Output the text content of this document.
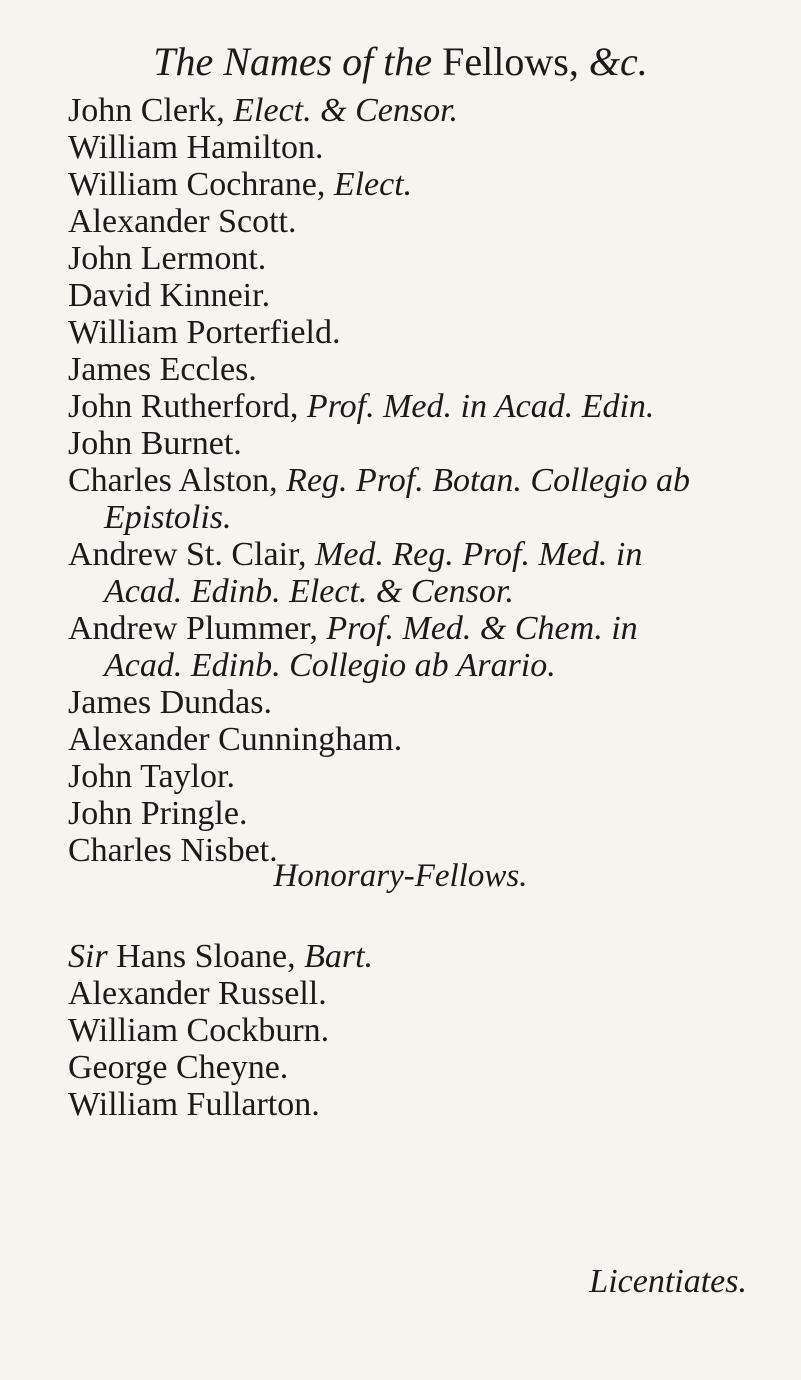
The Names of the Fellows, &c.
John Clerk, Elect. & Censor.
William Hamilton.
William Cochrane, Elect.
Alexander Scott.
John Lermont.
David Kinneir.
William Porterfield.
James Eccles.
John Rutherford, Prof. Med. in Acad. Edin.
John Burnet.
Charles Alston, Reg. Prof. Botan. Collegio ab
Epistolis.
Andrew St. Clair, Med. Reg. Prof. Med. in
Acad. Edinb. Elect. & Censor.
Andrew Plummer, Prof. Med. & Chem. in
Acad. Edinb. Collegio ab Arario.
James Dundas.
Alexander Cunningham.
John Taylor.
John Pringle.
Charles Nisbet.
Honorary-Fellows.
Sir Hans Sloane, Bart.
Alexander Russell.
William Cockburn.
George Cheyne.
William Fullarton.
Licentiates.
